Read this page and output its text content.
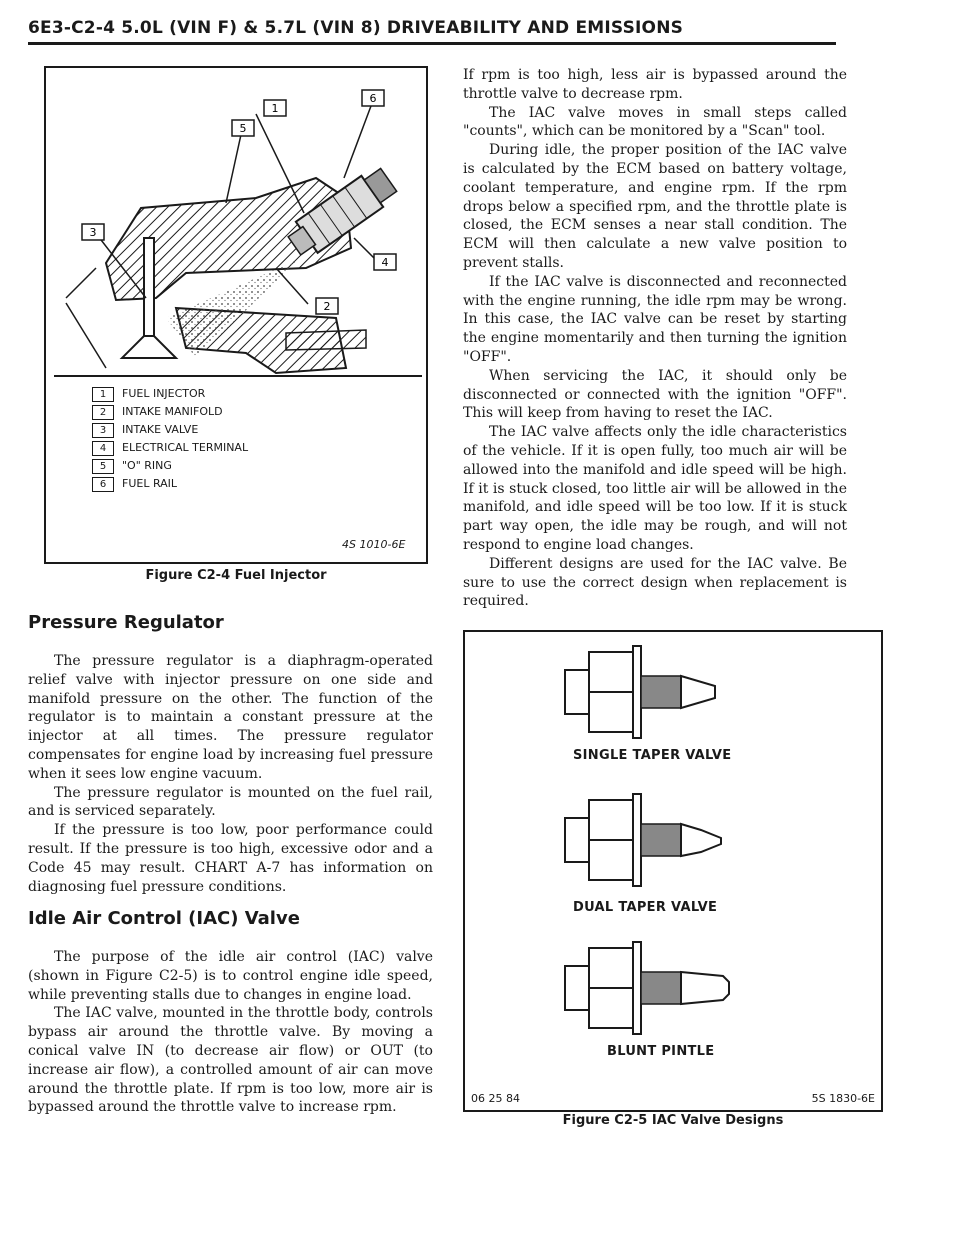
6E3-C2-4 5.0L (VIN F) & 5.7L (VIN 8) DRIVEABILITY AND EMISSIONS
5
1
6
3
4
2
1	FUEL INJECTOR
2	INTAKE MANIFOLD
3	INTAKE VALVE
4	ELECTRICAL TERMINAL
5	"O" RING
6	FUEL RAIL
4S 1010-6E
Figure C2-4 Fuel Injector
Pressure Regulator

The pressure regulator is a diaphragm-operated relief valve with injector pressure on one side and manifold pressure on the other. The function of the regulator is to maintain a constant pressure at the injector at all times. The pressure regulator compensates for engine load by increasing fuel pressure when it sees low engine vacuum.

The pressure regulator is mounted on the fuel rail, and is serviced separately.

If the pressure is too low, poor performance could result. If the pressure is too high, excessive odor and a Code 45 may result. CHART A-7 has information on diagnosing fuel pressure conditions.

Idle Air Control (IAC) Valve

The purpose of the idle air control (IAC) valve (shown in Figure C2-5) is to control engine idle speed, while preventing stalls due to changes in engine load.

The IAC valve, mounted in the throttle body, controls bypass air around the throttle valve. By moving a conical valve IN (to decrease air flow) or OUT (to increase air flow), a controlled amount of air can move around the throttle plate. If rpm is too low, more air is bypassed around the throttle valve to increase rpm.

If rpm is too high, less air is bypassed around the throttle valve to decrease rpm.

The IAC valve moves in small steps called "counts", which can be monitored by a "Scan" tool.

During idle, the proper position of the IAC valve is calculated by the ECM based on battery voltage, coolant temperature, and engine rpm. If the rpm drops below a specified rpm, and the throttle plate is closed, the ECM senses a near stall condition. The ECM will then calculate a new valve position to prevent stalls.

If the IAC valve is disconnected and reconnected with the engine running, the idle rpm may be wrong. In this case, the IAC valve can be reset by starting the engine momentarily and then turning the ignition "OFF".

When servicing the IAC, it should only be disconnected or connected with the ignition "OFF". This will keep from having to reset the IAC.

The IAC valve affects only the idle characteristics of the vehicle. If it is open fully, too much air will be allowed into the manifold and idle speed will be high. If it is stuck closed, too little air will be allowed in the manifold, and idle speed will be too low. If it is stuck part way open, the idle may be rough, and will not respond to engine load changes.

Different designs are used for the IAC valve. Be sure to use the correct design when replacement is required.

SINGLE TAPER VALVE
DUAL TAPER VALVE
BLUNT PINTLE
06 25 84	5S 1830-6E
Figure C2-5 IAC Valve Designs
